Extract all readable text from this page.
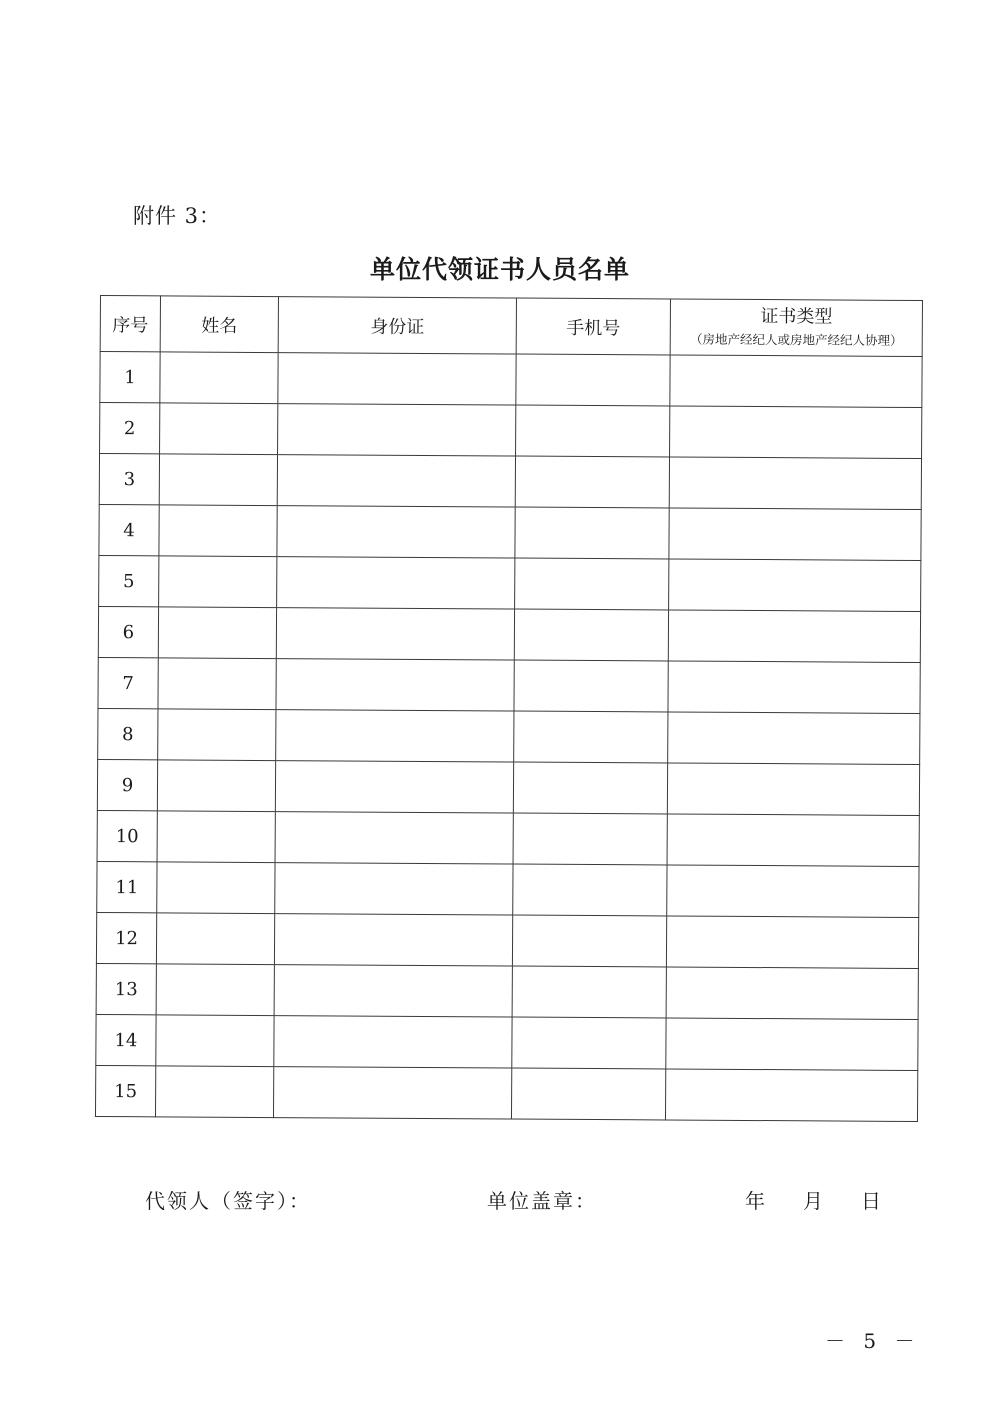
附件 3：
单位代领证书人员名单
序号	姓名	身份证	手机号	证书类型
（房地产经纪人或房地产经纪人协理）

1				
2				
3				
4				
5				
6				
7				
8				
9				
10				
11				
12				
13				
14				
15				
代领人（签字）：	单位盖章：	年 月 日
－ 5 －
